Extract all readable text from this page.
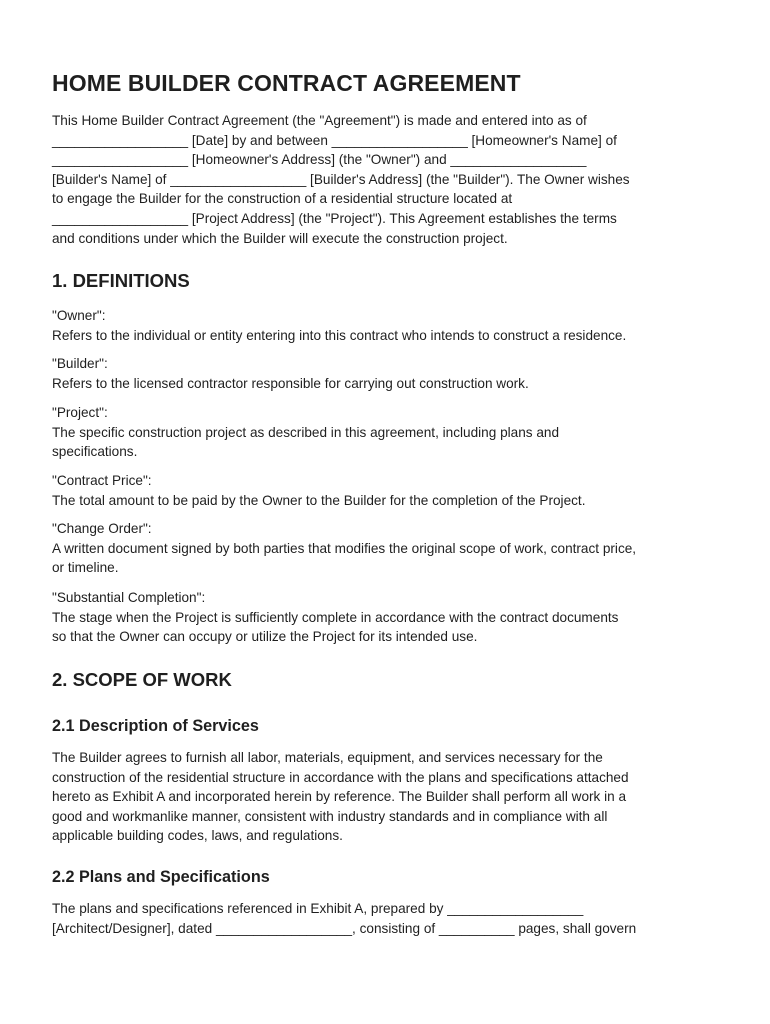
HOME BUILDER CONTRACT AGREEMENT

This Home Builder Contract Agreement (the "Agreement") is made and entered into as of
__________________ [Date] by and between __________________ [Homeowner's Name] of
__________________ [Homeowner's Address] (the "Owner") and __________________
[Builder's Name] of __________________ [Builder's Address] (the "Builder"). The Owner wishes
to engage the Builder for the construction of a residential structure located at
__________________ [Project Address] (the "Project"). This Agreement establishes the terms
and conditions under which the Builder will execute the construction project.

1. DEFINITIONS
"Owner":
Refers to the individual or entity entering into this contract who intends to construct a residence.
"Builder":
Refers to the licensed contractor responsible for carrying out construction work.
"Project":
The specific construction project as described in this agreement, including plans and
specifications.
"Contract Price":
The total amount to be paid by the Owner to the Builder for the completion of the Project.
"Change Order":
A written document signed by both parties that modifies the original scope of work, contract price,
or timeline.
"Substantial Completion":
The stage when the Project is sufficiently complete in accordance with the contract documents
so that the Owner can occupy or utilize the Project for its intended use.
2. SCOPE OF WORK
2.1 Description of Services

The Builder agrees to furnish all labor, materials, equipment, and services necessary for the
construction of the residential structure in accordance with the plans and specifications attached
hereto as Exhibit A and incorporated herein by reference. The Builder shall perform all work in a
good and workmanlike manner, consistent with industry standards and in compliance with all
applicable building codes, laws, and regulations.

2.2 Plans and Specifications

The plans and specifications referenced in Exhibit A, prepared by __________________
[Architect/Designer], dated __________________, consisting of __________ pages, shall govern
